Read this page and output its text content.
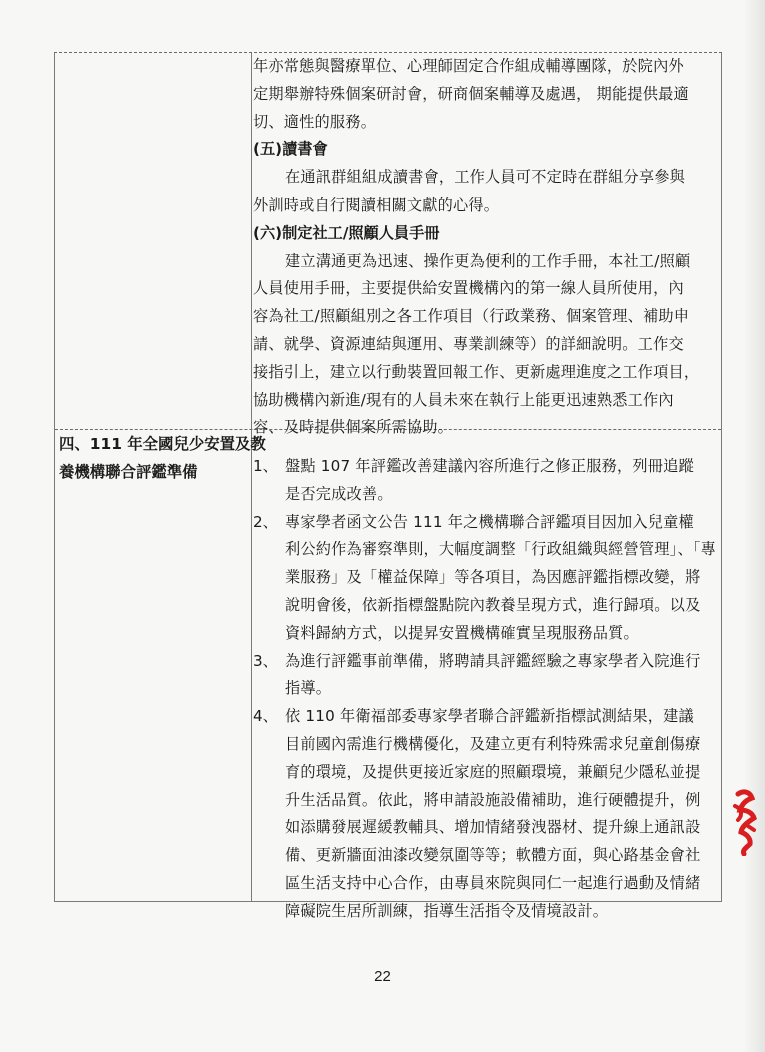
年亦常態與醫療單位、心理師固定合作組成輔導團隊，於院內外
定期舉辦特殊個案研討會，研商個案輔導及處遇， 期能提供最適
切、適性的服務。
(五)讀書會
在通訊群組組成讀書會，工作人員可不定時在群組分享參與
外訓時或自行閱讀相關文獻的心得。
(六)制定社工/照顧人員手冊
建立溝通更為迅速、操作更為便利的工作手冊，本社工/照顧
人員使用手冊，主要提供給安置機構內的第一線人員所使用，內
容為社工/照顧組別之各工作項目（行政業務、個案管理、補助申
請、就學、資源連結與運用、專業訓練等）的詳細說明。工作交
接指引上，建立以行動裝置回報工作、更新處理進度之工作項目，
協助機構內新進/現有的人員未來在執行上能更迅速熟悉工作內
容、及時提供個案所需協助。
四、111 年全國兒少安置及教
養機構聯合評鑑準備	1、 盤點 107 年評鑑改善建議內容所進行之修正服務，列冊追蹤
是否完成改善。
2、 專家學者函文公告 111 年之機構聯合評鑑項目因加入兒童權
利公約作為審察準則，大幅度調整「行政組織與經營管理」、「專
業服務」及「權益保障」等各項目，為因應評鑑指標改變，將
說明會後，依新指標盤點院內教養呈現方式，進行歸項。以及
資料歸納方式，以提昇安置機構確實呈現服務品質。
3、 為進行評鑑事前準備，將聘請具評鑑經驗之專家學者入院進行
指導。
4、 依 110 年衛福部委專家學者聯合評鑑新指標試測結果，建議
目前國內需進行機構優化，及建立更有利特殊需求兒童創傷療
育的環境，及提供更接近家庭的照顧環境，兼顧兒少隱私並提
升生活品質。依此，將申請設施設備補助，進行硬體提升，例
如添購發展遲緩教輔具、增加情緒發洩器材、提升線上通訊設
備、更新牆面油漆改變氛圍等等；軟體方面，與心路基金會社
區生活支持中心合作，由專員來院與同仁一起進行過動及情緒
障礙院生居所訓練，指導生活指令及情境設計。
22
